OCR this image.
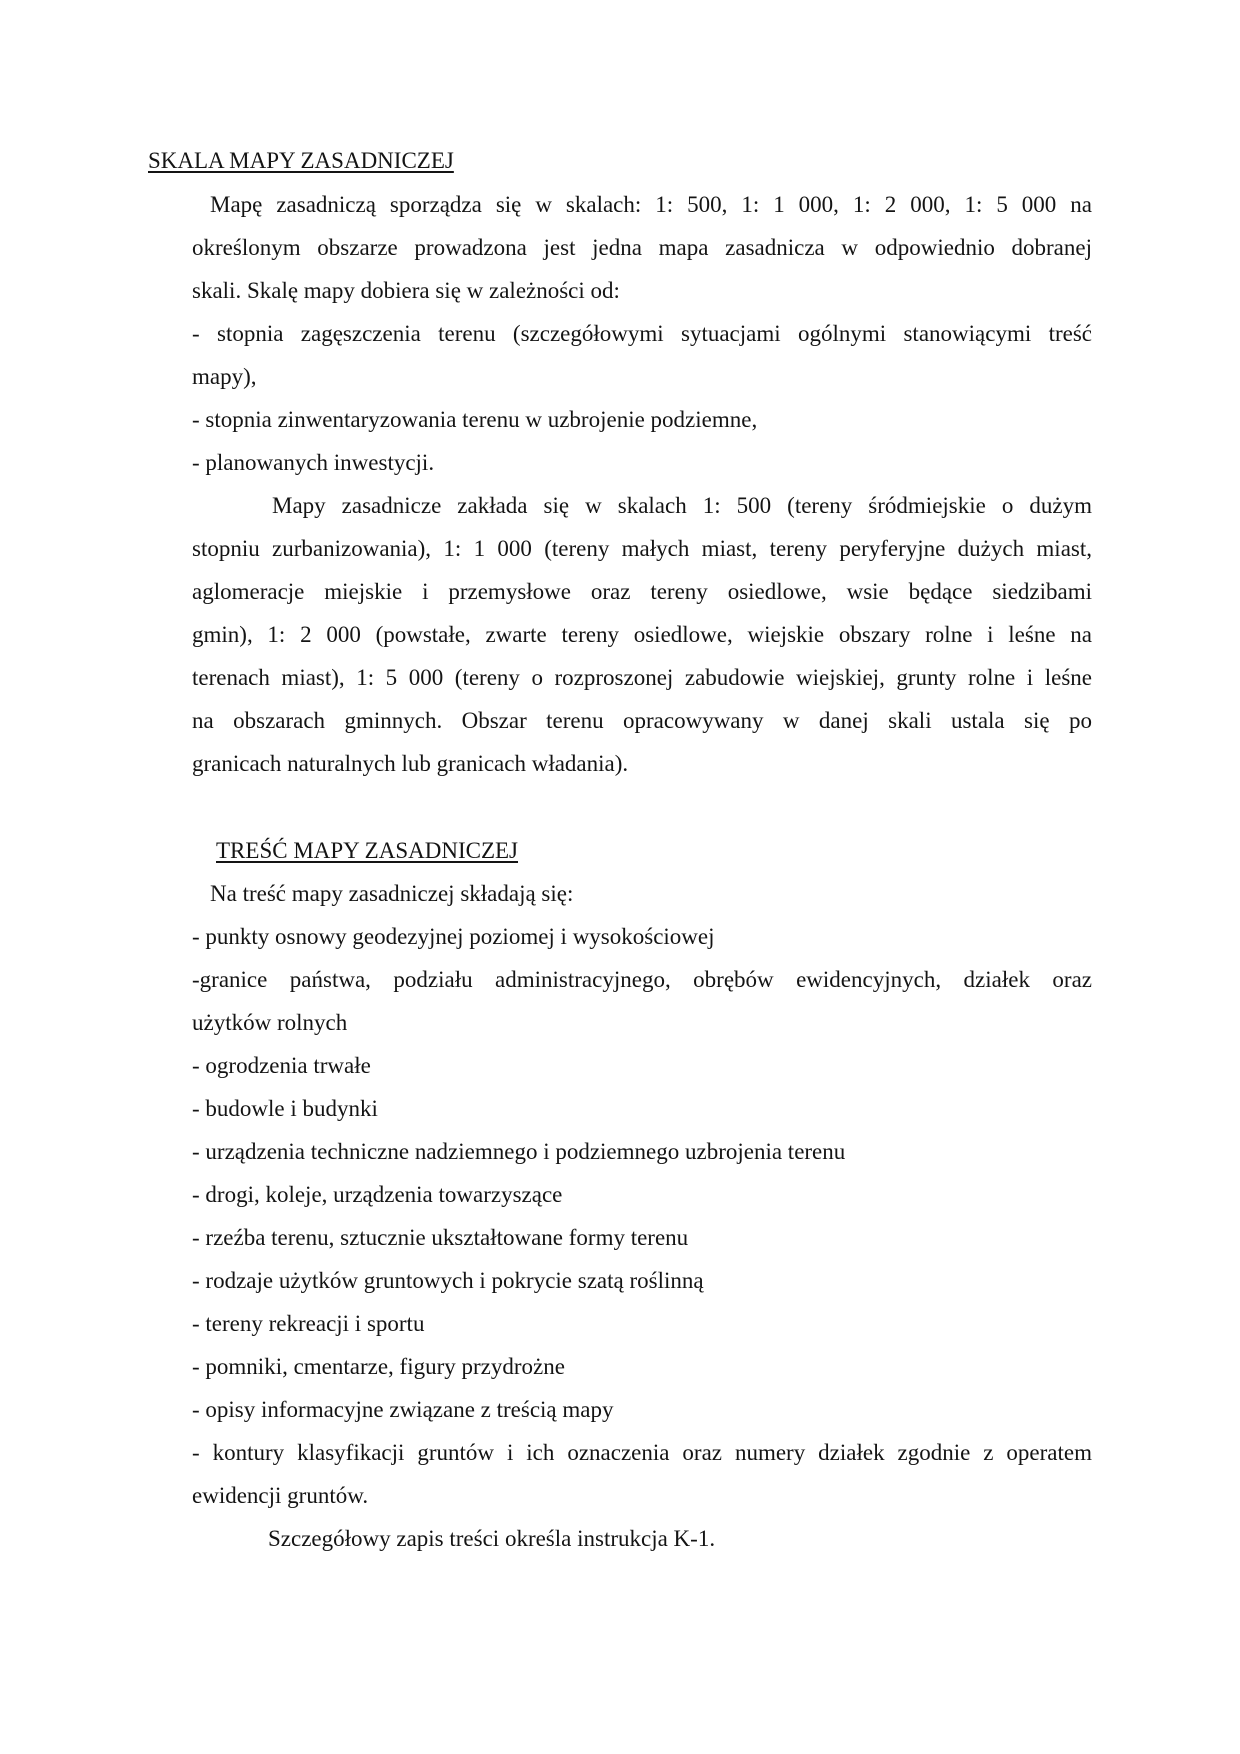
SKALA MAPY ZASADNICZEJ
Mapę zasadniczą sporządza się w skalach: 1: 500, 1: 1 000, 1: 2 000, 1: 5 000 na
określonym obszarze prowadzona jest jedna mapa zasadnicza w odpowiednio dobranej
skali. Skalę mapy dobiera się w zależności od:
- stopnia zagęszczenia terenu (szczegółowymi sytuacjami ogólnymi stanowiącymi treść
mapy),
- stopnia zinwentaryzowania terenu w uzbrojenie podziemne,
- planowanych inwestycji.
Mapy zasadnicze zakłada się w skalach 1: 500 (tereny śródmiejskie o dużym
stopniu zurbanizowania), 1: 1 000 (tereny małych miast, tereny peryferyjne dużych miast,
aglomeracje miejskie i przemysłowe oraz tereny osiedlowe, wsie będące siedzibami
gmin), 1: 2 000 (powstałe, zwarte tereny osiedlowe, wiejskie obszary rolne i leśne na
terenach miast), 1: 5 000 (tereny o rozproszonej zabudowie wiejskiej, grunty rolne i leśne
na obszarach gminnych. Obszar terenu opracowywany w danej skali ustala się po
granicach naturalnych lub granicach władania).
TREŚĆ MAPY ZASADNICZEJ
Na treść mapy zasadniczej składają się:
- punkty osnowy geodezyjnej poziomej i wysokościowej
-granice państwa, podziału administracyjnego, obrębów ewidencyjnych, działek oraz
użytków rolnych
- ogrodzenia trwałe
- budowle i budynki
- urządzenia techniczne nadziemnego i podziemnego uzbrojenia terenu
- drogi, koleje, urządzenia towarzyszące
- rzeźba terenu, sztucznie ukształtowane formy terenu
- rodzaje użytków gruntowych i pokrycie szatą roślinną
- tereny rekreacji i sportu
- pomniki, cmentarze, figury przydrożne
- opisy informacyjne związane z treścią mapy
- kontury klasyfikacji gruntów i ich oznaczenia oraz numery działek zgodnie z operatem
ewidencji gruntów.
Szczegółowy zapis treści określa instrukcja K-1.
